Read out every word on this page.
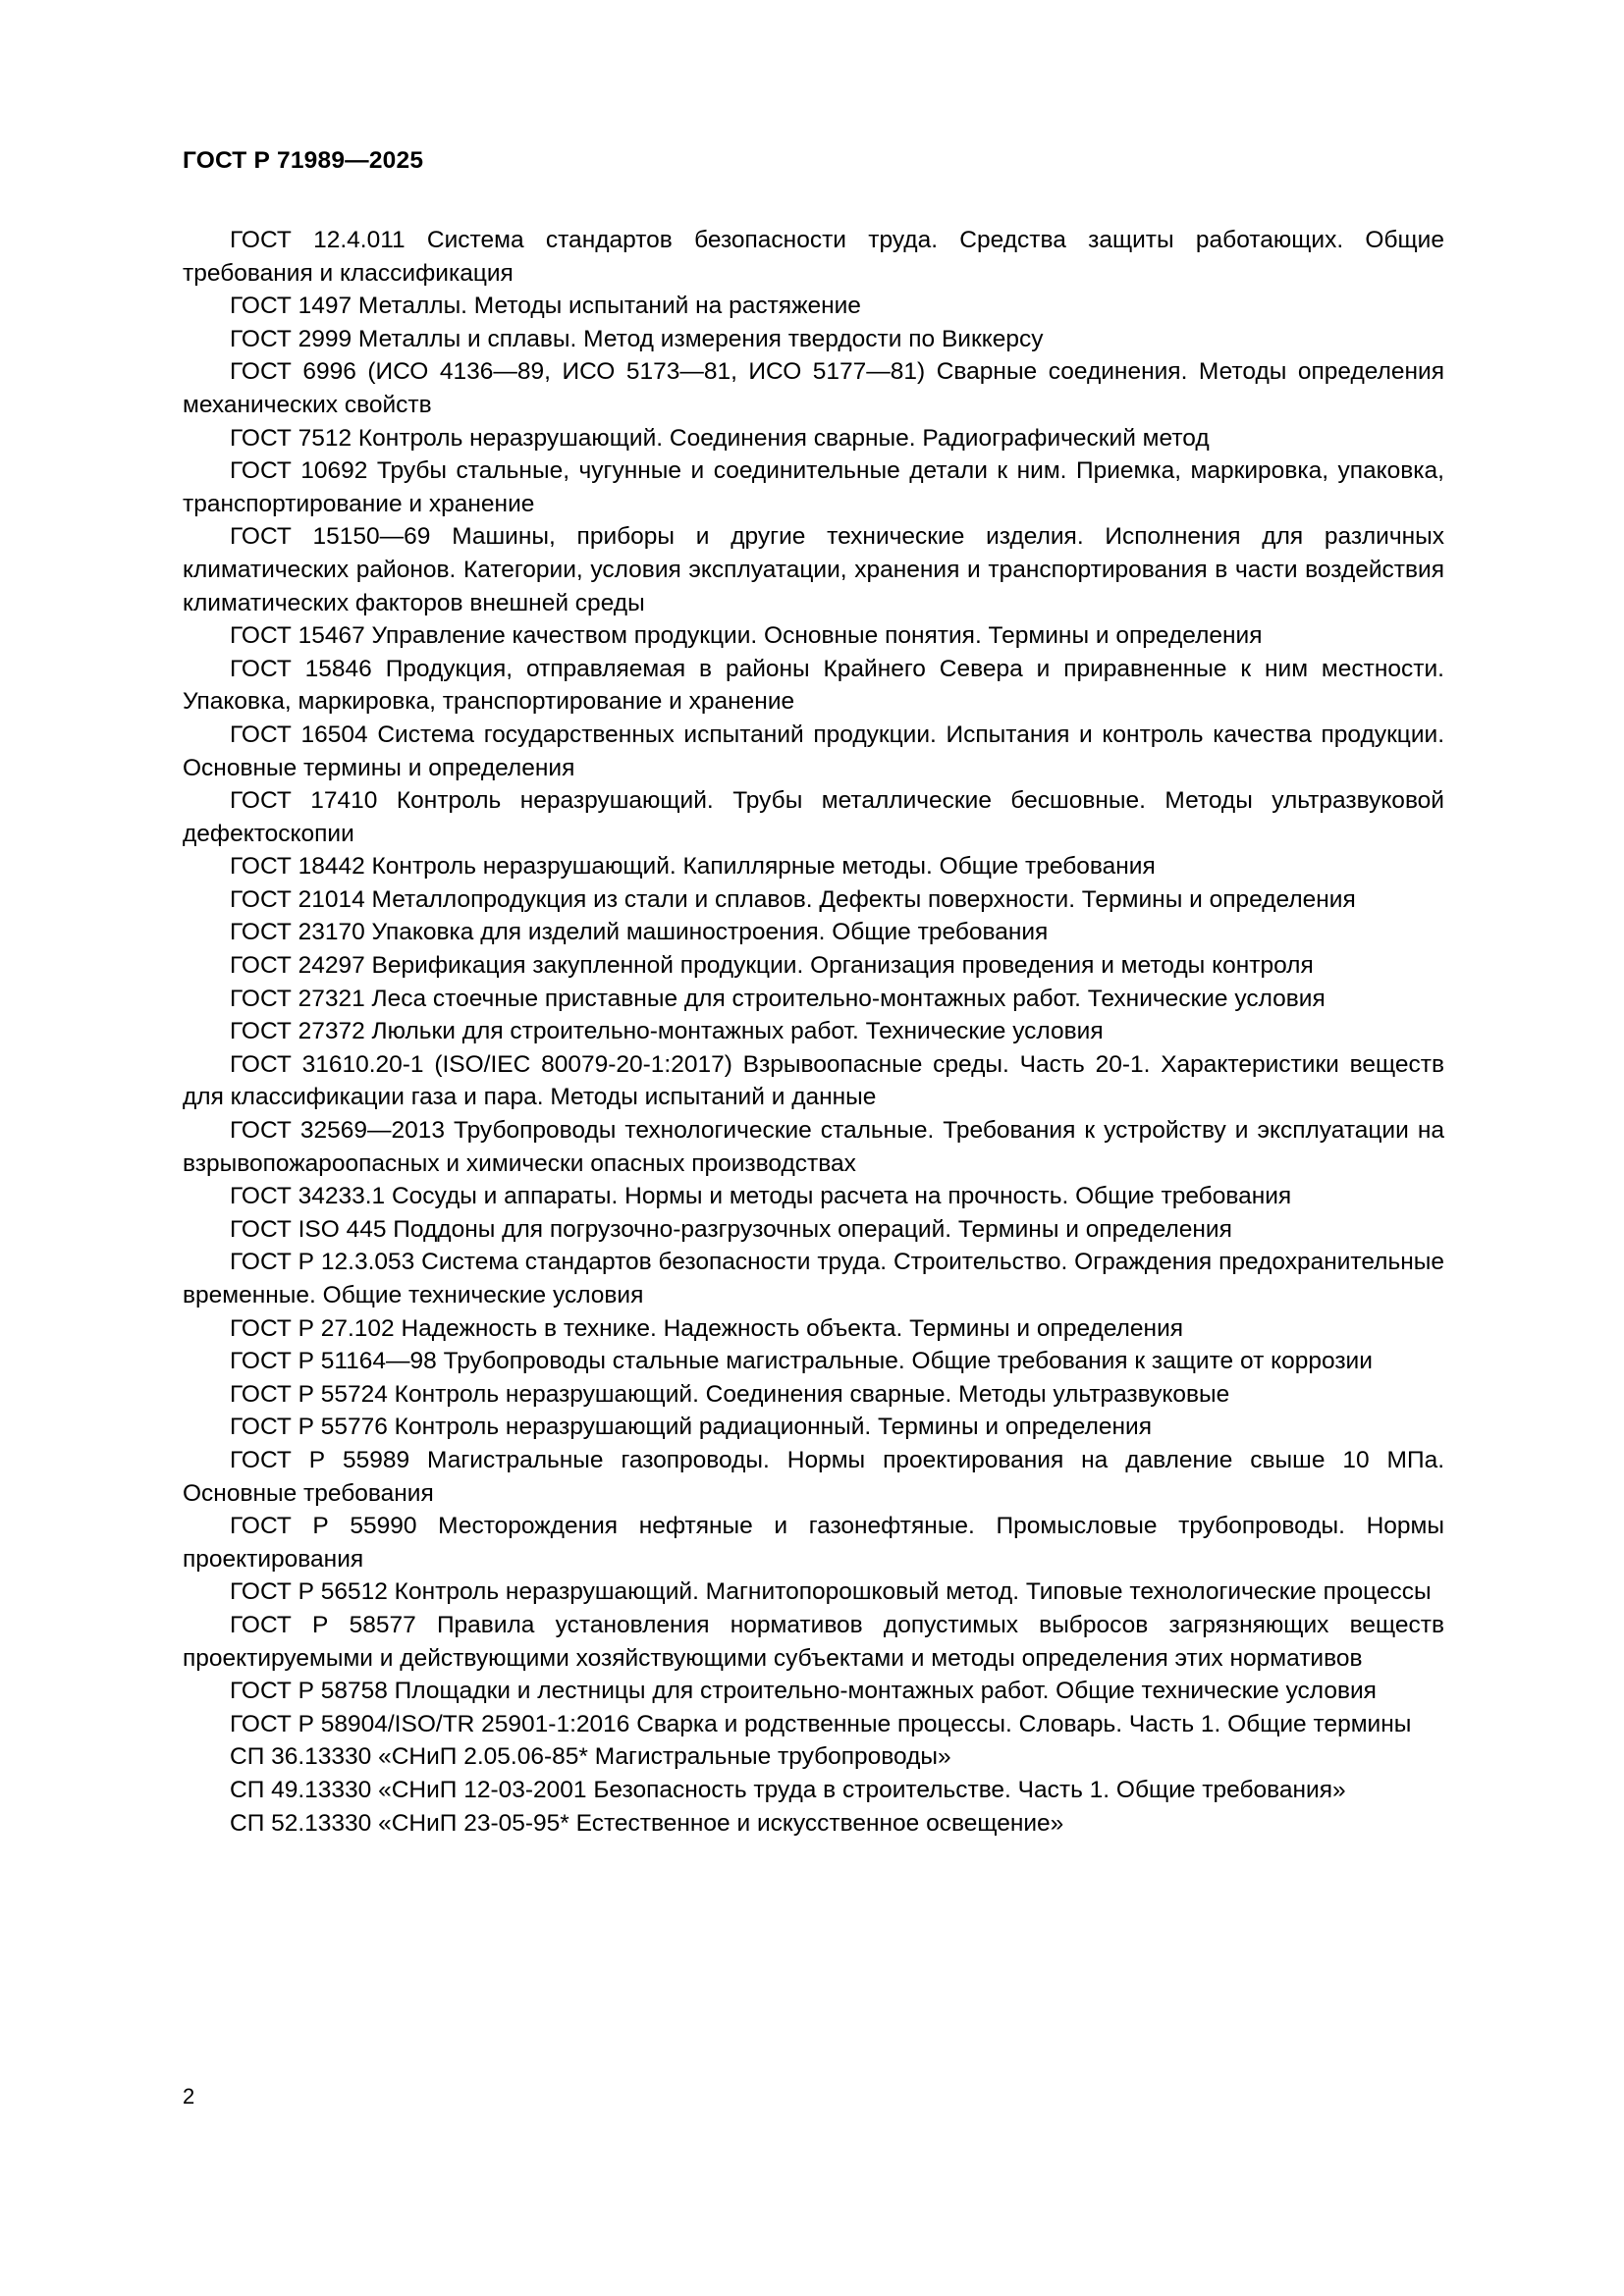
ГОСТ Р 71989—2025

ГОСТ 12.4.011 Система стандартов безопасности труда. Средства защиты работающих. Общие требования и классификация

ГОСТ 1497 Металлы. Методы испытаний на растяжение

ГОСТ 2999 Металлы и сплавы. Метод измерения твердости по Виккерсу

ГОСТ 6996 (ИСО 4136—89, ИСО 5173—81, ИСО 5177—81) Сварные соединения. Методы определения механических свойств

ГОСТ 7512 Контроль неразрушающий. Соединения сварные. Радиографический метод

ГОСТ 10692 Трубы стальные, чугунные и соединительные детали к ним. Приемка, маркировка, упаковка, транспортирование и хранение

ГОСТ 15150—69 Машины, приборы и другие технические изделия. Исполнения для различных климатических районов. Категории, условия эксплуатации, хранения и транспортирования в части воздействия климатических факторов внешней среды

ГОСТ 15467 Управление качеством продукции. Основные понятия. Термины и определения

ГОСТ 15846 Продукция, отправляемая в районы Крайнего Севера и приравненные к ним местности. Упаковка, маркировка, транспортирование и хранение

ГОСТ 16504 Система государственных испытаний продукции. Испытания и контроль качества продукции. Основные термины и определения

ГОСТ 17410 Контроль неразрушающий. Трубы металлические бесшовные. Методы ультразвуковой дефектоскопии

ГОСТ 18442 Контроль неразрушающий. Капиллярные методы. Общие требования

ГОСТ 21014 Металлопродукция из стали и сплавов. Дефекты поверхности. Термины и определения

ГОСТ 23170 Упаковка для изделий машиностроения. Общие требования

ГОСТ 24297 Верификация закупленной продукции. Организация проведения и методы контроля

ГОСТ 27321 Леса стоечные приставные для строительно-монтажных работ. Технические условия

ГОСТ 27372 Люльки для строительно-монтажных работ. Технические условия

ГОСТ 31610.20-1 (ISO/IEC 80079-20-1:2017) Взрывоопасные среды. Часть 20-1. Характеристики веществ для классификации газа и пара. Методы испытаний и данные

ГОСТ 32569—2013 Трубопроводы технологические стальные. Требования к устройству и эксплуатации на взрывопожароопасных и химически опасных производствах

ГОСТ 34233.1 Сосуды и аппараты. Нормы и методы расчета на прочность. Общие требования

ГОСТ ISO 445 Поддоны для погрузочно-разгрузочных операций. Термины и определения

ГОСТ Р 12.3.053 Система стандартов безопасности труда. Строительство. Ограждения предохранительные временные. Общие технические условия

ГОСТ Р 27.102 Надежность в технике. Надежность объекта. Термины и определения

ГОСТ Р 51164—98 Трубопроводы стальные магистральные. Общие требования к защите от коррозии

ГОСТ Р 55724 Контроль неразрушающий. Соединения сварные. Методы ультразвуковые

ГОСТ Р 55776 Контроль неразрушающий радиационный. Термины и определения

ГОСТ Р 55989 Магистральные газопроводы. Нормы проектирования на давление свыше 10 МПа. Основные требования

ГОСТ Р 55990 Месторождения нефтяные и газонефтяные. Промысловые трубопроводы. Нормы проектирования

ГОСТ Р 56512 Контроль неразрушающий. Магнитопорошковый метод. Типовые технологические процессы

ГОСТ Р 58577 Правила установления нормативов допустимых выбросов загрязняющих веществ проектируемыми и действующими хозяйствующими субъектами и методы определения этих нормативов

ГОСТ Р 58758 Площадки и лестницы для строительно-монтажных работ. Общие технические условия

ГОСТ Р 58904/ISO/TR 25901-1:2016 Сварка и родственные процессы. Словарь. Часть 1. Общие термины

СП 36.13330 «СНиП 2.05.06-85* Магистральные трубопроводы»

СП 49.13330 «СНиП 12-03-2001 Безопасность труда в строительстве. Часть 1. Общие требования»

СП 52.13330 «СНиП 23-05-95* Естественное и искусственное освещение»

2
